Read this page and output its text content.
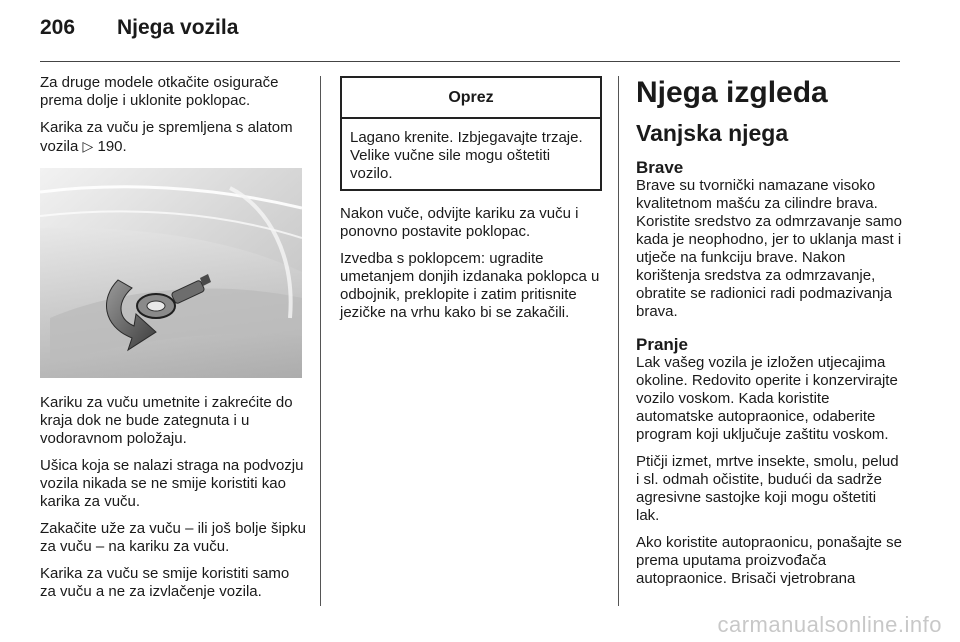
206 Njega vozila

Za druge modele otkačite osigurače prema dolje i uklonite poklopac.

Karika za vuču je spremljena s alatom vozila ▷ 190.

Kariku za vuču umetnite i zakrećite do kraja dok ne bude zategnuta i u vodoravnom položaju.

Ušica koja se nalazi straga na podvozju vozila nikada se ne smije koristiti kao karika za vuču.

Zakačite uže za vuču – ili još bolje šipku za vuču – na kariku za vuču.

Karika za vuču se smije koristiti samo za vuču a ne za izvlačenje vozila.

Oprez
Lagano krenite. Izbjegavajte trzaje. Velike vučne sile mogu oštetiti vozilo.

Nakon vuče, odvijte kariku za vuču i ponovno postavite poklopac.

Izvedba s poklopcem: ugradite umetanjem donjih izdanaka poklopca u odbojnik, preklopite i zatim pritisnite jezičke na vrhu kako bi se zakačili.

Njega izgleda
Vanjska njega
Brave

Brave su tvornički namazane visoko kvalitetnom mašću za cilindre brava. Koristite sredstvo za odmrzavanje samo kada je neophodno, jer to uklanja mast i utječe na funkciju brave. Nakon korištenja sredstva za odmrzavanje, obratite se radionici radi podmazivanja brava.

Pranje

Lak vašeg vozila je izložen utjecajima okoline. Redovito operite i konzervirajte vozilo voskom. Kada koristite automatske autopraonice, odaberite program koji uključuje zaštitu voskom.

Ptičji izmet, mrtve insekte, smolu, pelud i sl. odmah očistite, budući da sadrže agresivne sastojke koji mogu oštetiti lak.

Ako koristite autopraonicu, ponašajte se prema uputama proizvođača autopraonice. Brisači vjetrobrana

carmanualsonline.info
